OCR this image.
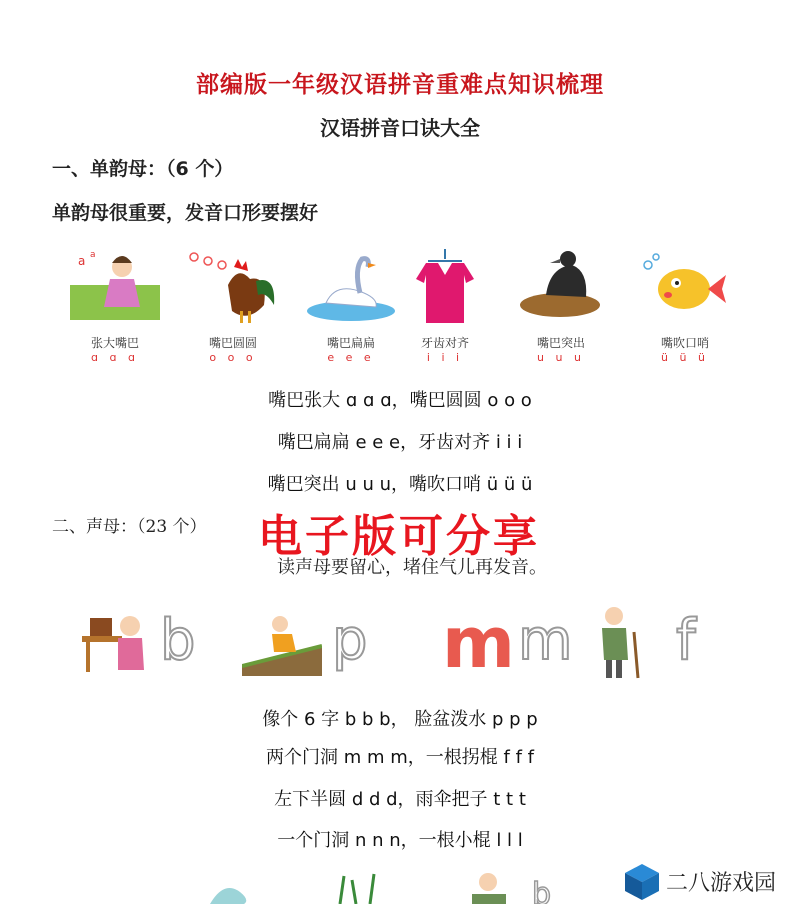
部编版一年级汉语拼音重难点知识梳理
汉语拼音口诀大全
一、单韵母：（6 个）
单韵母很重要，发音口形要摆好
a a
张大嘴巴
ɑ ɑ ɑ
嘴巴圆圆
o o o
嘴巴扁扁
e e e
牙齿对齐
i i i
嘴巴突出
u u u
嘴吹口哨
ü ü ü
嘴巴张大 ɑ ɑ ɑ，嘴巴圆圆 o o o
嘴巴扁扁 e e e，牙齿对齐 i i i
嘴巴突出 u u u，嘴吹口哨 ü ü ü
二、声母：（23 个） 电子版可分享
读声母要留心，堵住气儿再发音。
b p m m f
像个 6 字 b b b， 脸盆泼水 p p p
两个门洞 m m m，一根拐棍 f f f
左下半圆 d d d，雨伞把子 t t t
一个门洞 n n n，一根小棍 l l l
b	二八游戏园
